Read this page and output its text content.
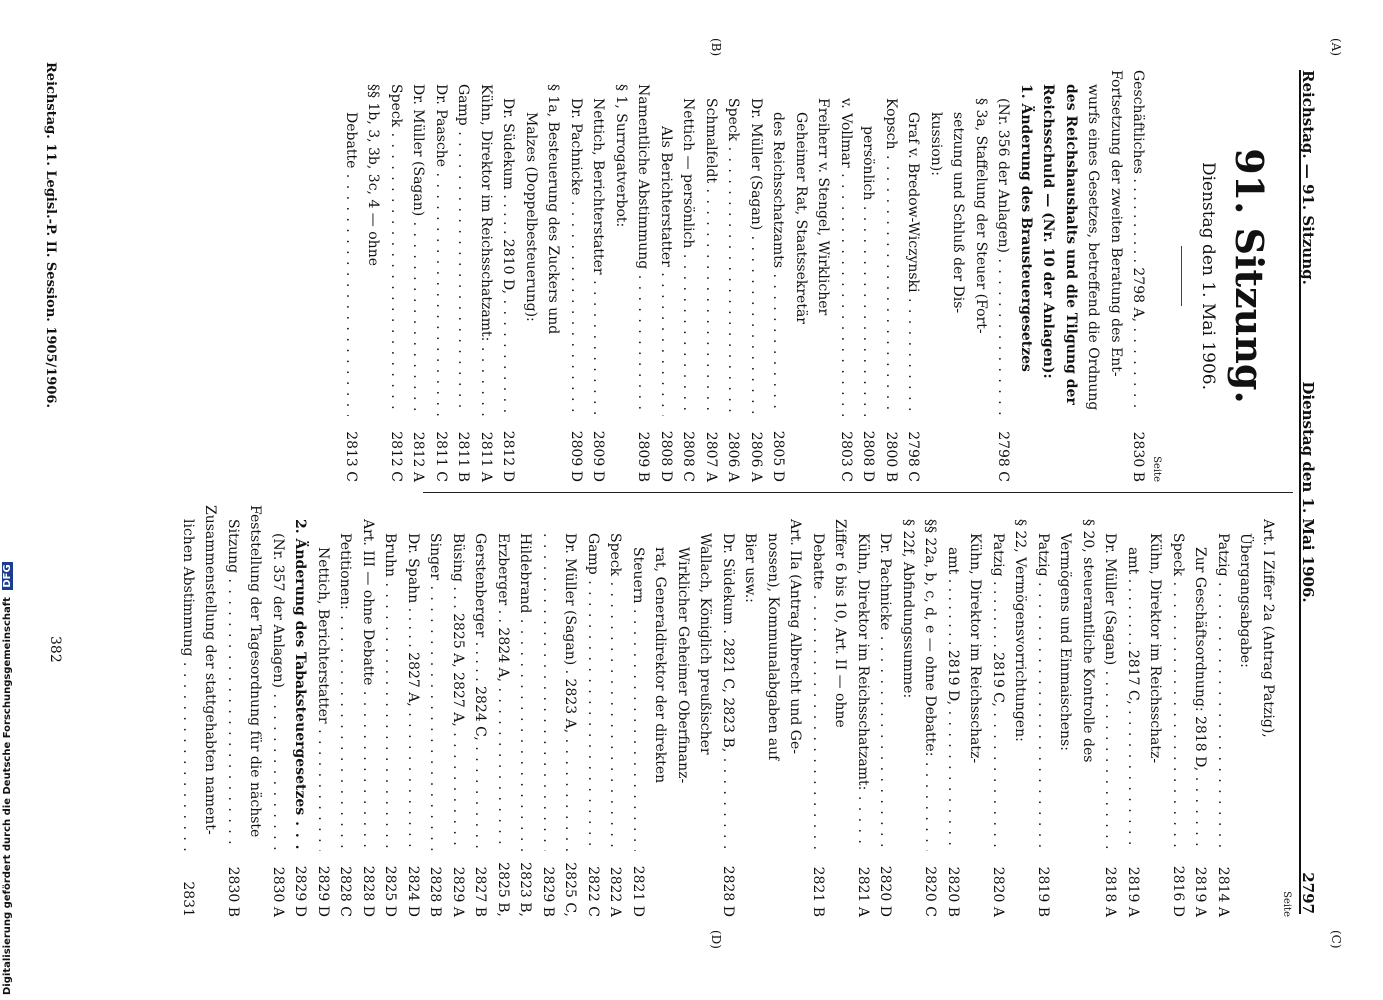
Reichstag. — 91. Sitzung.
Dienstag den 1. Mai 1906.
2797
(A)
(B)
(C)
(D)
91. Sitzung.
Dienstag den 1. Mai 1906.
Seite
Geschäftliches . . . . . . . . . . 2798 A, . . .
2830 B
Fortsetzung der zweiten Beratung des Ent-
wurfs eines Gesetzes, betreffend die Ordnung
des Reichshaushalts und die Tilgung der
Reichsschuld — (Nr. 10 der Anlagen):
1. Änderung des Brausteuergesetzes
(Nr. 356 der Anlagen) . . .
2798 C
§ 3a, Staffelung der Steuer (Fort-
setzung und Schluß der Dis-
kussion):
Graf v. Bredow-Wiczynski . . .
2798 C
Kopsch . . .
2800 B
persönlich . . .
2808 D
v. Vollmar . . .
2803 C
Freiherr v. Stengel, Wirklicher
Geheimer Rat, Staatssekretär
des Reichsschatzamts . . .
2805 D
Dr. Müller (Sagan) . . .
2806 A
Speck . . .
2806 A
Schmalfeldt . . .
2807 A
Nettich — persönlich . . .
2808 C
Als Berichterstatter . . .
2808 D
Namentliche Abstimmung . . .
2809 B
§ 1, Surrogatverbot:
Nettich, Berichterstatter . . .
2809 D
Dr. Pachnicke . . .
2809 D
§ 1a, Besteuerung des Zuckers und
Malzes (Doppelbesteuerung):
Dr. Südekum . . . . . 2810 D, . . .
2812 D
Kühn, Direktor im Reichsschatzamt: . . .
2811 A
Gamp . . .
2811 B
Dr. Paasche . . .
2811 C
Dr. Müller (Sagan) . . .
2812 A
Speck . . .
2812 C
§§ 1b, 3, 3b, 3c, 4 — ohne
Debatte . . .
2813 C
Seite
Art. I Ziffer 2a (Antrag Patzig),
Übergangsabgabe:
Patzig . . .
2814 A
Zur Geschäftsordnung: 2818 D, . . .
2819 A
Speck . . .
2816 D
Kühn, Direktor im Reichsschatz-
amt . . . . . . . . 2817 C, . . .
2819 A
Dr. Müller (Sagan) . . .
2818 A
§ 20, steueramtliche Kontrolle des
Vermögens und Einmaischens:
Patzig . . .
2819 B
§ 22, Vermögensvorrichtungen:
Patzig . . . . . . . . 2819 C, . . .
2820 A
Kühn, Direktor im Reichsschatz-
amt . . . . . . . . 2819 D, . . .
2820 B
§§ 22a, b, c, d, e — ohne Debatte: . . .
2820 C
§ 22f, Abfindungssumme:
Dr. Pachnicke . . .
2820 D
Kühn, Direktor im Reichsschatzamt: . . .
2821 A
Ziffer 6 bis 10, Art. II — ohne
Debatte . . .
2821 B
Art. IIa (Antrag Albrecht und Ge-
nossen), Kommunalabgaben auf
Bier usw.:
Dr. Südekum . 2821 C, 2823 B, . . .
2828 D
Wallach, Königlich preußischer
Wirklicher Geheimer Oberfinanz-
rat, Generaldirektor der direkten
Steuern . . .
2821 D
Speck . . .
2822 A
Gamp . . .
2822 C
Dr. Müller (Sagan) . 2823 A, . . .
2825 C,
. . .
2829 B
Hildebrand . . .
2823 B,
Erzberger . . 2824 A, . . .
2825 B,
Gerstenberger . . . . . 2824 C, . . .
2827 B
Büsing . . . 2825 A, 2827 A, . . .
2829 A
Singer . . .
2828 B
Dr. Spahn . . . . . 2827 A, . . .
2824 D
Bruhn . . .
2825 D
Art. III — ohne Debatte . . .
2828 D
Petitionen: . . .
2828 C
Nettich, Berichterstatter . . .
2829 D
2. Änderung des Tabaksteuergesetzes . . .
2829 D
(Nr. 357 der Anlagen) . . .
2830 A
Feststellung der Tagesordnung für die nächste
Sitzung . . .
2830 B
Zusammenstellung der stattgehabten nament-
lichen Abstimmung . . .
2831
Reichstag. 11. Legisl.-P. II. Session. 1905/1906.
382
Digitalisierung gefördert durch die Deutsche Forschungsgemeinschaft DFG
